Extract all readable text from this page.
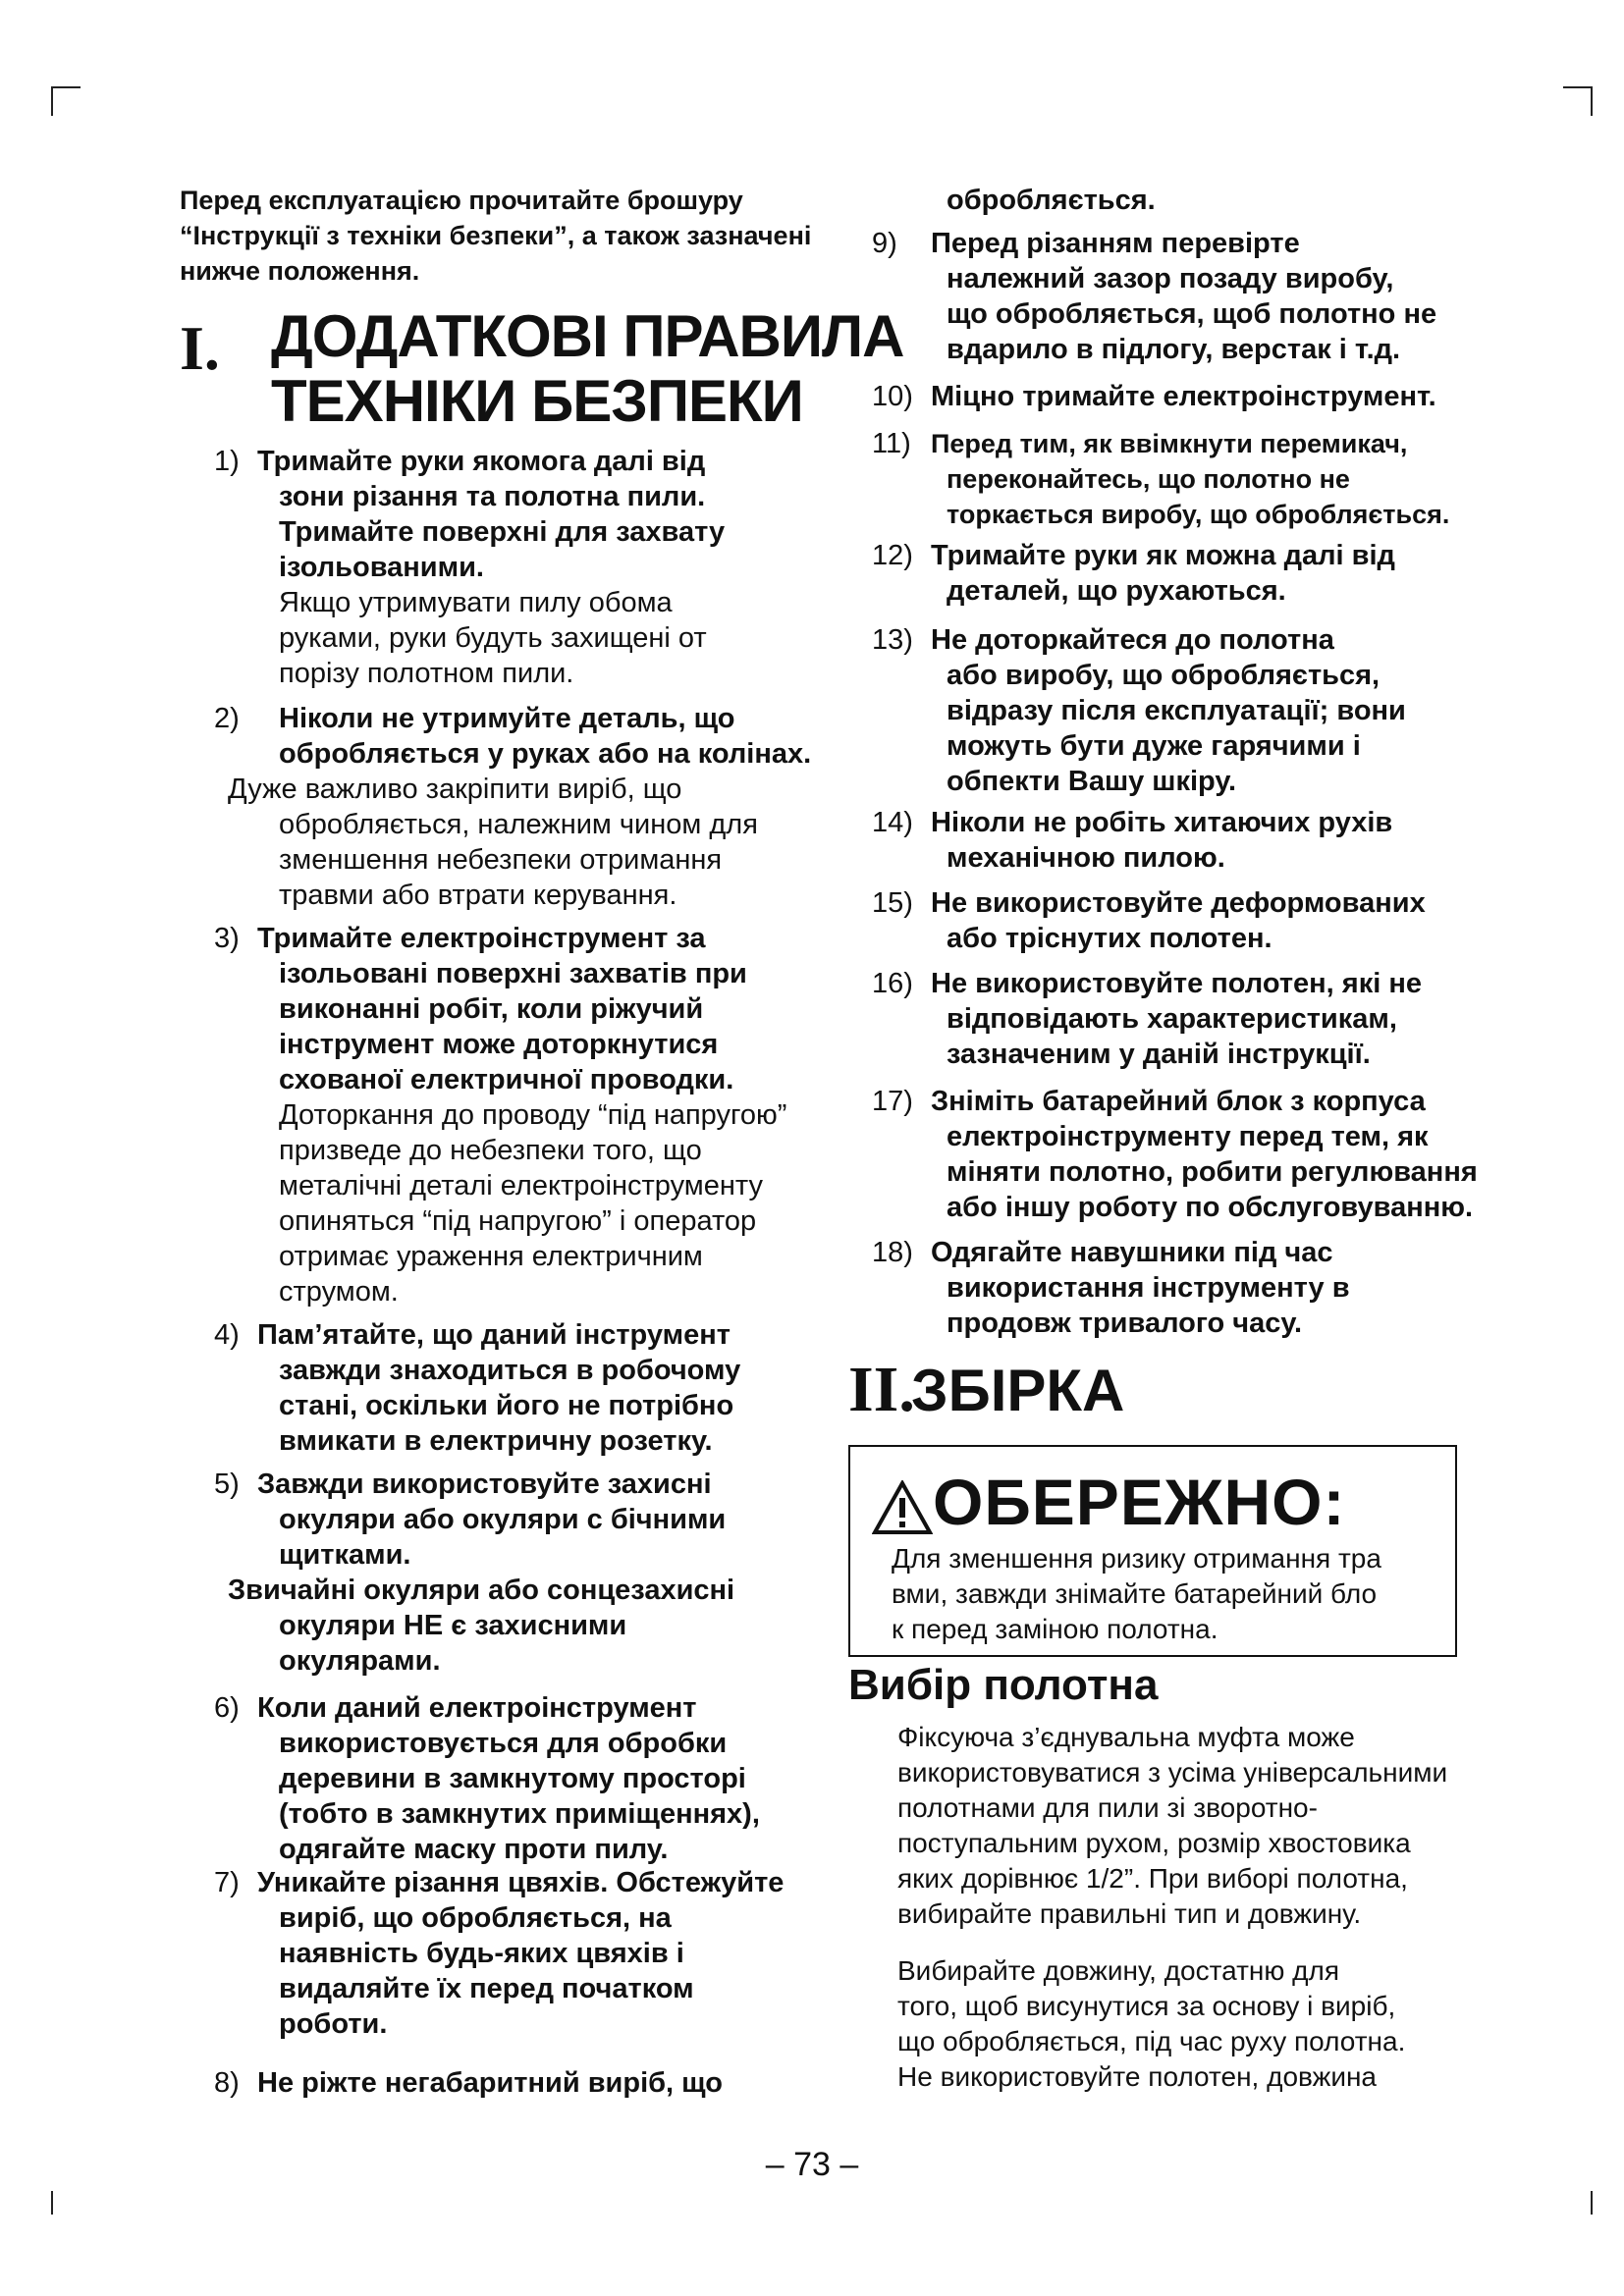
Перед експлуатацією прочитайте брошуру
“Інструкції з техніки безпеки”, а також зазначені
нижче положення.
I. ДОДАТКОВІ ПРАВИЛА
ТЕХНІКИ БЕЗПЕКИ
1) Тримайте руки якомога далі від
зони різання та полотна пили.
Тримайте поверхні для захвату
ізольованими.
Якщо утримувати пилу обома
руками, руки будуть захищені от
порізу полотном пили.
2) Ніколи не утримуйте деталь, що
обробляється у руках або на колінах.
Дуже важливо закріпити виріб, що
обробляється, належним чином для
зменшення небезпеки отримання
травми або втрати керування.
3) Тримайте електроінструмент за
ізольовані поверхні захватів при
виконанні робіт, коли ріжучий
інструмент може доторкнутися
схованої електричної проводки.
Доторкання до проводу “під напругою”
призведе до небезпеки того, що
металічні деталі електроінструменту
опиняться “під напругою” і оператор
отримає ураження електричним
струмом.
4) Пам’ятайте, що даний інструмент
завжди знаходиться в робочому
стані, оскільки його не потрібно
вмикати в електричну розетку.
5) Завжди використовуйте захисні
окуляри або окуляри с бічними
щитками.
Звичайні окуляри або сонцезахисні
окуляри НЕ є захисними
окулярами.
6) Коли даний електроінструмент
використовується для обробки
деревини в замкнутому просторі
(тобто в замкнутих приміщеннях),
одягайте маску проти пилу.
7) Уникайте різання цвяхів. Обстежуйте
виріб, що обробляється, на
наявність будь-яких цвяхів і
видаляйте їх перед початком
роботи.
8) Не ріжте негабаритний виріб, що
обробляється.
9) Перед різанням перевірте
належний зазор позаду виробу,
що обробляється, щоб полотно не
вдарило в підлогу, верстак і т.д.
10) Міцно тримайте електроінструмент.
11) Перед тим, як ввімкнути перемикач,
переконайтесь, що полотно не
торкається виробу, що обробляється.
12) Тримайте руки як можна далі від
деталей, що рухаються.
13) Не доторкайтеся до полотна
або виробу, що обробляється,
відразу після експлуатації; вони
можуть бути дуже гарячими і
обпекти Вашу шкіру.
14) Ніколи не робіть хитаючих рухів
механічною пилою.
15) Не використовуйте деформованих
або тріснутих полотен.
16) Не використовуйте полотен, які не
відповідають характеристикам,
зазначеним у даній інструкції.
17) Зніміть батарейний блок з корпуса
електроінструменту перед тем, як
міняти полотно, робити регулювання
або іншу роботу по обслуговуванню.
18) Одягайте навушники під час
використання інструменту в
продовж тривалого часу.
II.
ЗБІРКА
ОБЕРЕЖНО:
Для зменшення ризику отримання тра
вми, завжди знімайте батарейний бло
к перед заміною полотна.
Вибір полотна
Фіксуюча з’єднувальна муфта може
використовуватися з усіма універсальними
полотнами для пили зі зворотно-
поступальним рухом, розмір хвостовика
яких дорівнює 1/2”. При виборі полотна,
вибирайте правильні тип и довжину.
Вибирайте довжину, достатню для
того, щоб висунутися за основу і виріб,
що обробляється, під час руху полотна.
Не використовуйте полотен, довжина
– 73 –
